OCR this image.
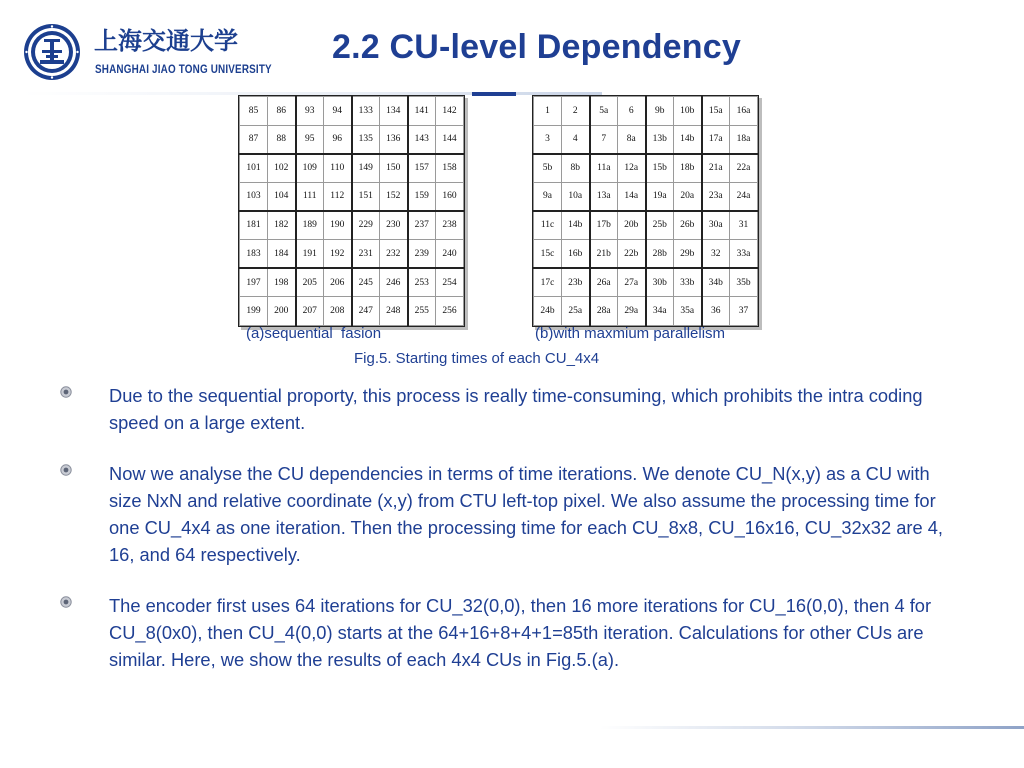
上海交通大学
SHANGHAI JIAO TONG UNIVERSITY
2.2 CU-level Dependency
85	86	93	94	133	134	141	142
87	88	95	96	135	136	143	144
101	102	109	110	149	150	157	158
103	104	111	112	151	152	159	160
181	182	189	190	229	230	237	238
183	184	191	192	231	232	239	240
197	198	205	206	245	246	253	254
199	200	207	208	247	248	255	256
1	2	5a	6	9b	10b	15a	16a
3	4	7	8a	13b	14b	17a	18a
5b	8b	11a	12a	15b	18b	21a	22a
9a	10a	13a	14a	19a	20a	23a	24a
11c	14b	17b	20b	25b	26b	30a	31
15c	16b	21b	22b	28b	29b	32	33a
17c	23b	26a	27a	30b	33b	34b	35b
24b	25a	28a	29a	34a	35a	36	37
(a)sequential  fasion	(b)with maxmium parallelism
Fig.5. Starting times of each CU_4x4
Due to the sequential proporty, this process is really time-consuming, which prohibits the intra coding speed on a large extent.
Now we analyse the CU dependencies in terms of time iterations. We denote CU_N(x,y) as a CU with size NxN and relative coordinate (x,y) from CTU left-top pixel. We also assume the processing time for one CU_4x4 as one iteration. Then the processing time for each CU_8x8, CU_16x16, CU_32x32 are 4, 16, and 64 respectively.
The encoder first uses 64 iterations for CU_32(0,0), then 16 more iterations for CU_16(0,0), then 4 for CU_8(0x0), then CU_4(0,0) starts at the 64+16+8+4+1=85th iteration. Calculations for other CUs are similar. Here, we show the results of each 4x4 CUs in Fig.5.(a).
